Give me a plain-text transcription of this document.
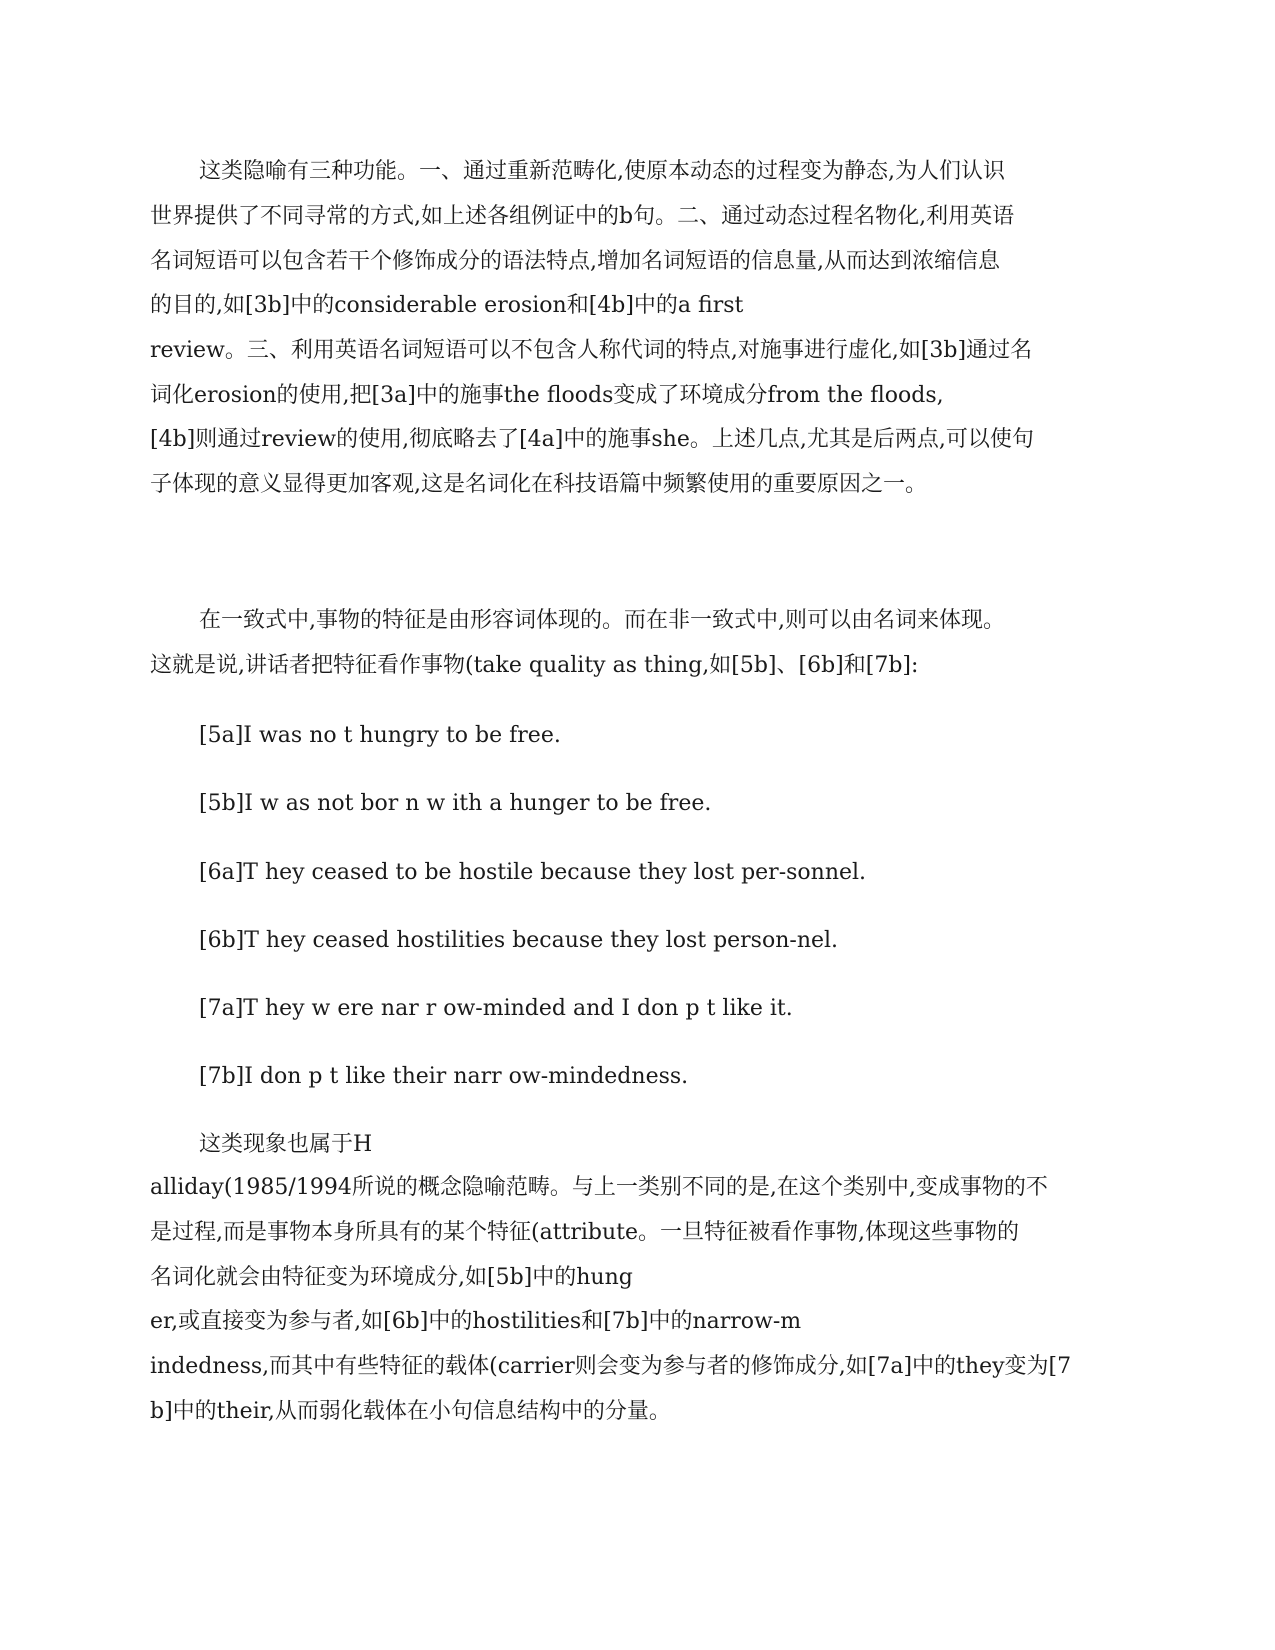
这类隐喻有三种功能。一、通过重新范畴化,使原本动态的过程变为静态,为人们认识
世界提供了不同寻常的方式,如上述各组例证中的b句。二、通过动态过程名物化,利用英语
名词短语可以包含若干个修饰成分的语法特点,增加名词短语的信息量,从而达到浓缩信息
的目的,如[3b]中的considerable erosion和[4b]中的a first
review。三、利用英语名词短语可以不包含人称代词的特点,对施事进行虚化,如[3b]通过名
词化erosion的使用,把[3a]中的施事the floods变成了环境成分from the floods,
[4b]则通过review的使用,彻底略去了[4a]中的施事she。上述几点,尤其是后两点,可以使句
子体现的意义显得更加客观,这是名词化在科技语篇中频繁使用的重要原因之一。
在一致式中,事物的特征是由形容词体现的。而在非一致式中,则可以由名词来体现。
这就是说,讲话者把特征看作事物(take quality as thing,如[5b]、[6b]和[7b]:
[5a]I was no t hungry to be free.
[5b]I w as not bor n w ith a hunger to be free.
[6a]T hey ceased to be hostile because they lost per-sonnel.
[6b]T hey ceased hostilities because they lost person-nel.
[7a]T hey w ere nar r ow-minded and I don p t like it.
[7b]I don p t like their narr ow-mindedness.
这类现象也属于H
alliday(1985/1994所说的概念隐喻范畴。与上一类别不同的是,在这个类别中,变成事物的不
是过程,而是事物本身所具有的某个特征(attribute。一旦特征被看作事物,体现这些事物的
名词化就会由特征变为环境成分,如[5b]中的hung
er,或直接变为参与者,如[6b]中的hostilities和[7b]中的narrow-m
indedness,而其中有些特征的载体(carrier则会变为参与者的修饰成分,如[7a]中的they变为[7
b]中的their,从而弱化载体在小句信息结构中的分量。
